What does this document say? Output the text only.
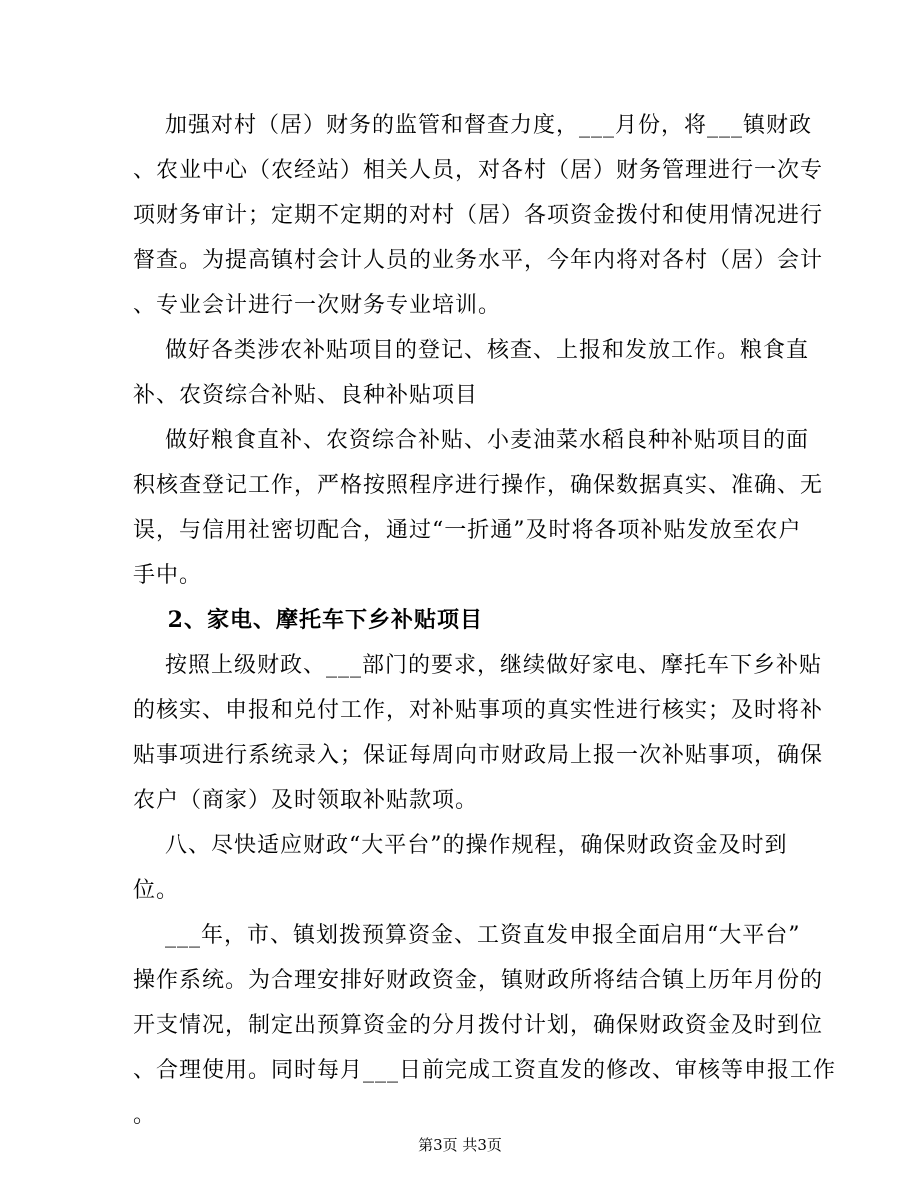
加强对村（居）财务的监管和督查力度，___月份，将___镇财政
、农业中心（农经站）相关人员，对各村（居）财务管理进行一次专
项财务审计；定期不定期的对村（居）各项资金拨付和使用情况进行
督查。为提高镇村会计人员的业务水平，今年内将对各村（居）会计
、专业会计进行一次财务专业培训。
做好各类涉农补贴项目的登记、核查、上报和发放工作。粮食直
补、农资综合补贴、良种补贴项目
做好粮食直补、农资综合补贴、小麦油菜水稻良种补贴项目的面
积核查登记工作，严格按照程序进行操作，确保数据真实、准确、无
误，与信用社密切配合，通过“一折通”及时将各项补贴发放至农户
手中。
2、家电、摩托车下乡补贴项目
按照上级财政、___部门的要求，继续做好家电、摩托车下乡补贴
的核实、申报和兑付工作，对补贴事项的真实性进行核实；及时将补
贴事项进行系统录入；保证每周向市财政局上报一次补贴事项，确保
农户（商家）及时领取补贴款项。
八、尽快适应财政“大平台”的操作规程，确保财政资金及时到
位。
___年，市、镇划拨预算资金、工资直发申报全面启用“大平台”
操作系统。为合理安排好财政资金，镇财政所将结合镇上历年月份的
开支情况，制定出预算资金的分月拨付计划，确保财政资金及时到位
、合理使用。同时每月___日前完成工资直发的修改、审核等申报工作
。
第3页 共3页
